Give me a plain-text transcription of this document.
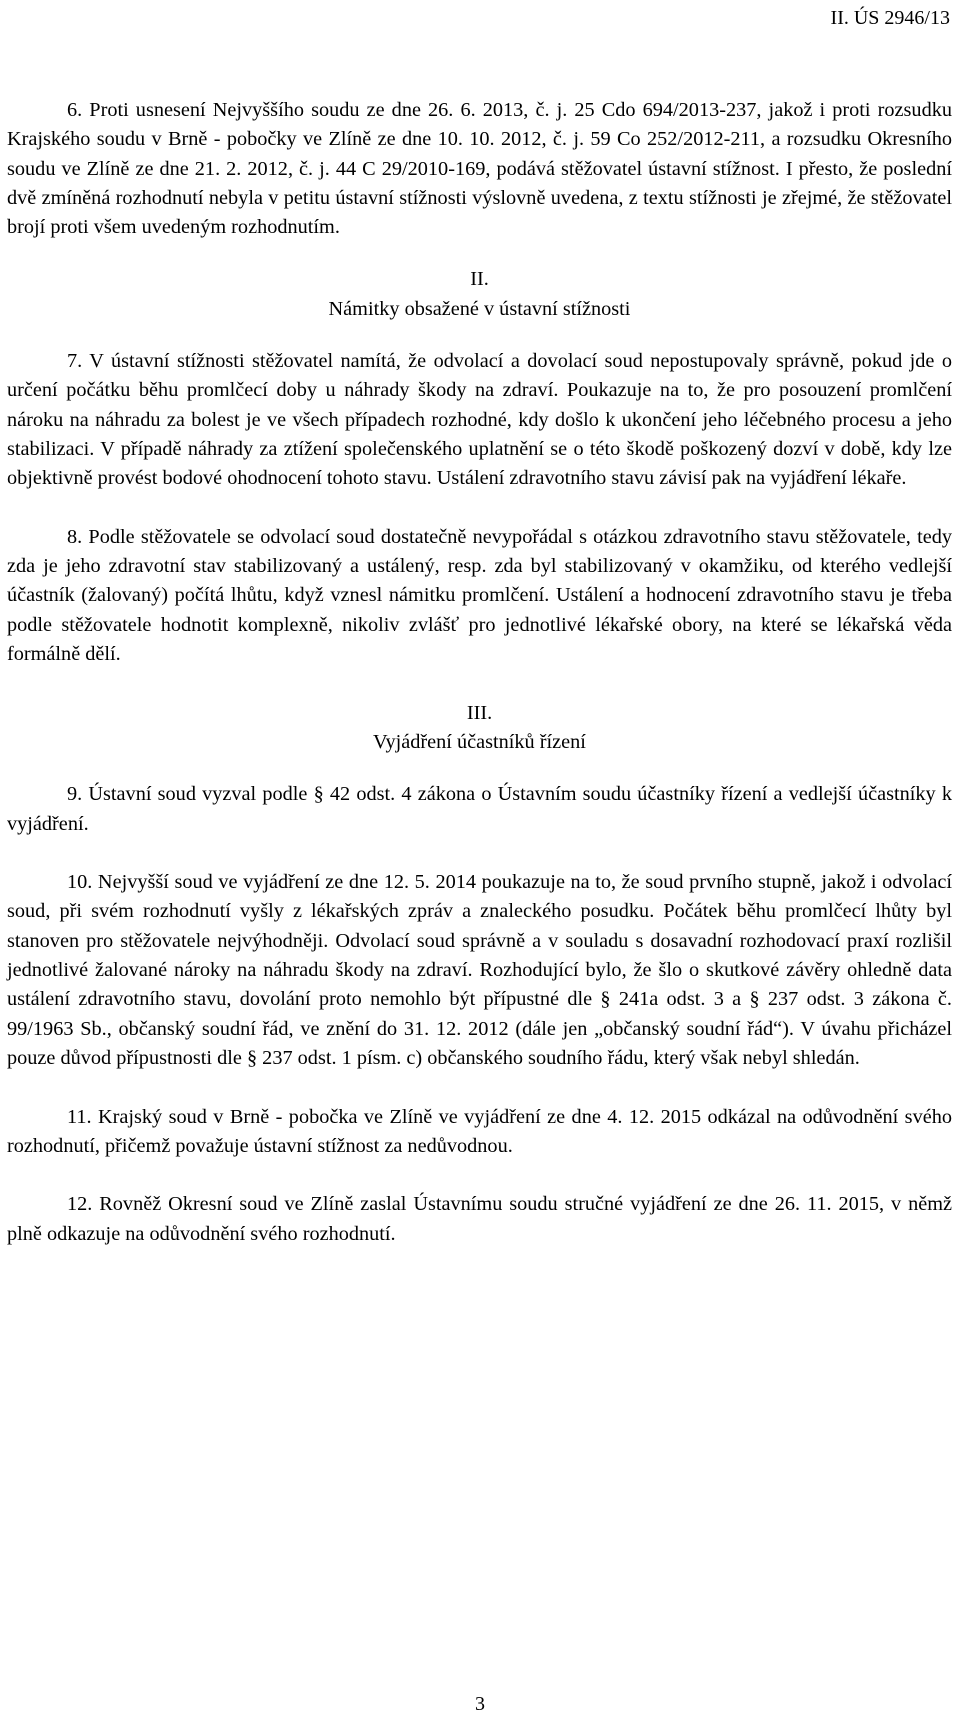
II. ÚS 2946/13

6. Proti usnesení Nejvyššího soudu ze dne 26. 6. 2013, č. j. 25 Cdo 694/2013-237, jakož i proti rozsudku Krajského soudu v Brně - pobočky ve Zlíně ze dne 10. 10. 2012, č. j. 59 Co 252/2012-211, a rozsudku Okresního soudu ve Zlíně ze dne 21. 2. 2012, č. j. 44 C 29/2010-169, podává stěžovatel ústavní stížnost. I přesto, že poslední dvě zmíněná rozhodnutí nebyla v petitu ústavní stížnosti výslovně uvedena, z textu stížnosti je zřejmé, že stěžovatel brojí proti všem uvedeným rozhodnutím.

II.
Námitky obsažené v ústavní stížnosti

7. V ústavní stížnosti stěžovatel namítá, že odvolací a dovolací soud nepostupovaly správně, pokud jde o určení počátku běhu promlčecí doby u náhrady škody na zdraví. Poukazuje na to, že pro posouzení promlčení nároku na náhradu za bolest je ve všech případech rozhodné, kdy došlo k ukončení jeho léčebného procesu a jeho stabilizaci. V případě náhrady za ztížení společenského uplatnění se o této škodě poškozený dozví v době, kdy lze objektivně provést bodové ohodnocení tohoto stavu. Ustálení zdravotního stavu závisí pak na vyjádření lékaře.

8. Podle stěžovatele se odvolací soud dostatečně nevypořádal s otázkou zdravotního stavu stěžovatele, tedy zda je jeho zdravotní stav stabilizovaný a ustálený, resp. zda byl stabilizovaný v okamžiku, od kterého vedlejší účastník (žalovaný) počítá lhůtu, když vznesl námitku promlčení. Ustálení a hodnocení zdravotního stavu je třeba podle stěžovatele hodnotit komplexně, nikoliv zvlášť pro jednotlivé lékařské obory, na které se lékařská věda formálně dělí.

III.
Vyjádření účastníků řízení

9. Ústavní soud vyzval podle § 42 odst. 4 zákona o Ústavním soudu účastníky řízení a vedlejší účastníky k vyjádření.

10. Nejvyšší soud ve vyjádření ze dne 12. 5. 2014 poukazuje na to, že soud prvního stupně, jakož i odvolací soud, při svém rozhodnutí vyšly z lékařských zpráv a znaleckého posudku. Počátek běhu promlčecí lhůty byl stanoven pro stěžovatele nejvýhodněji. Odvolací soud správně a v souladu s dosavadní rozhodovací praxí rozlišil jednotlivé žalované nároky na náhradu škody na zdraví. Rozhodující bylo, že šlo o skutkové závěry ohledně data ustálení zdravotního stavu, dovolání proto nemohlo být přípustné dle § 241a odst. 3 a § 237 odst. 3 zákona č. 99/1963 Sb., občanský soudní řád, ve znění do 31. 12. 2012 (dále jen „občanský soudní řád“). V úvahu přicházel pouze důvod přípustnosti dle § 237 odst. 1 písm. c) občanského soudního řádu, který však nebyl shledán.

11. Krajský soud v Brně - pobočka ve Zlíně ve vyjádření ze dne 4. 12. 2015 odkázal na odůvodnění svého rozhodnutí, přičemž považuje ústavní stížnost za nedůvodnou.

12. Rovněž Okresní soud ve Zlíně zaslal Ústavnímu soudu stručné vyjádření ze dne 26. 11. 2015, v němž plně odkazuje na odůvodnění svého rozhodnutí.

3
